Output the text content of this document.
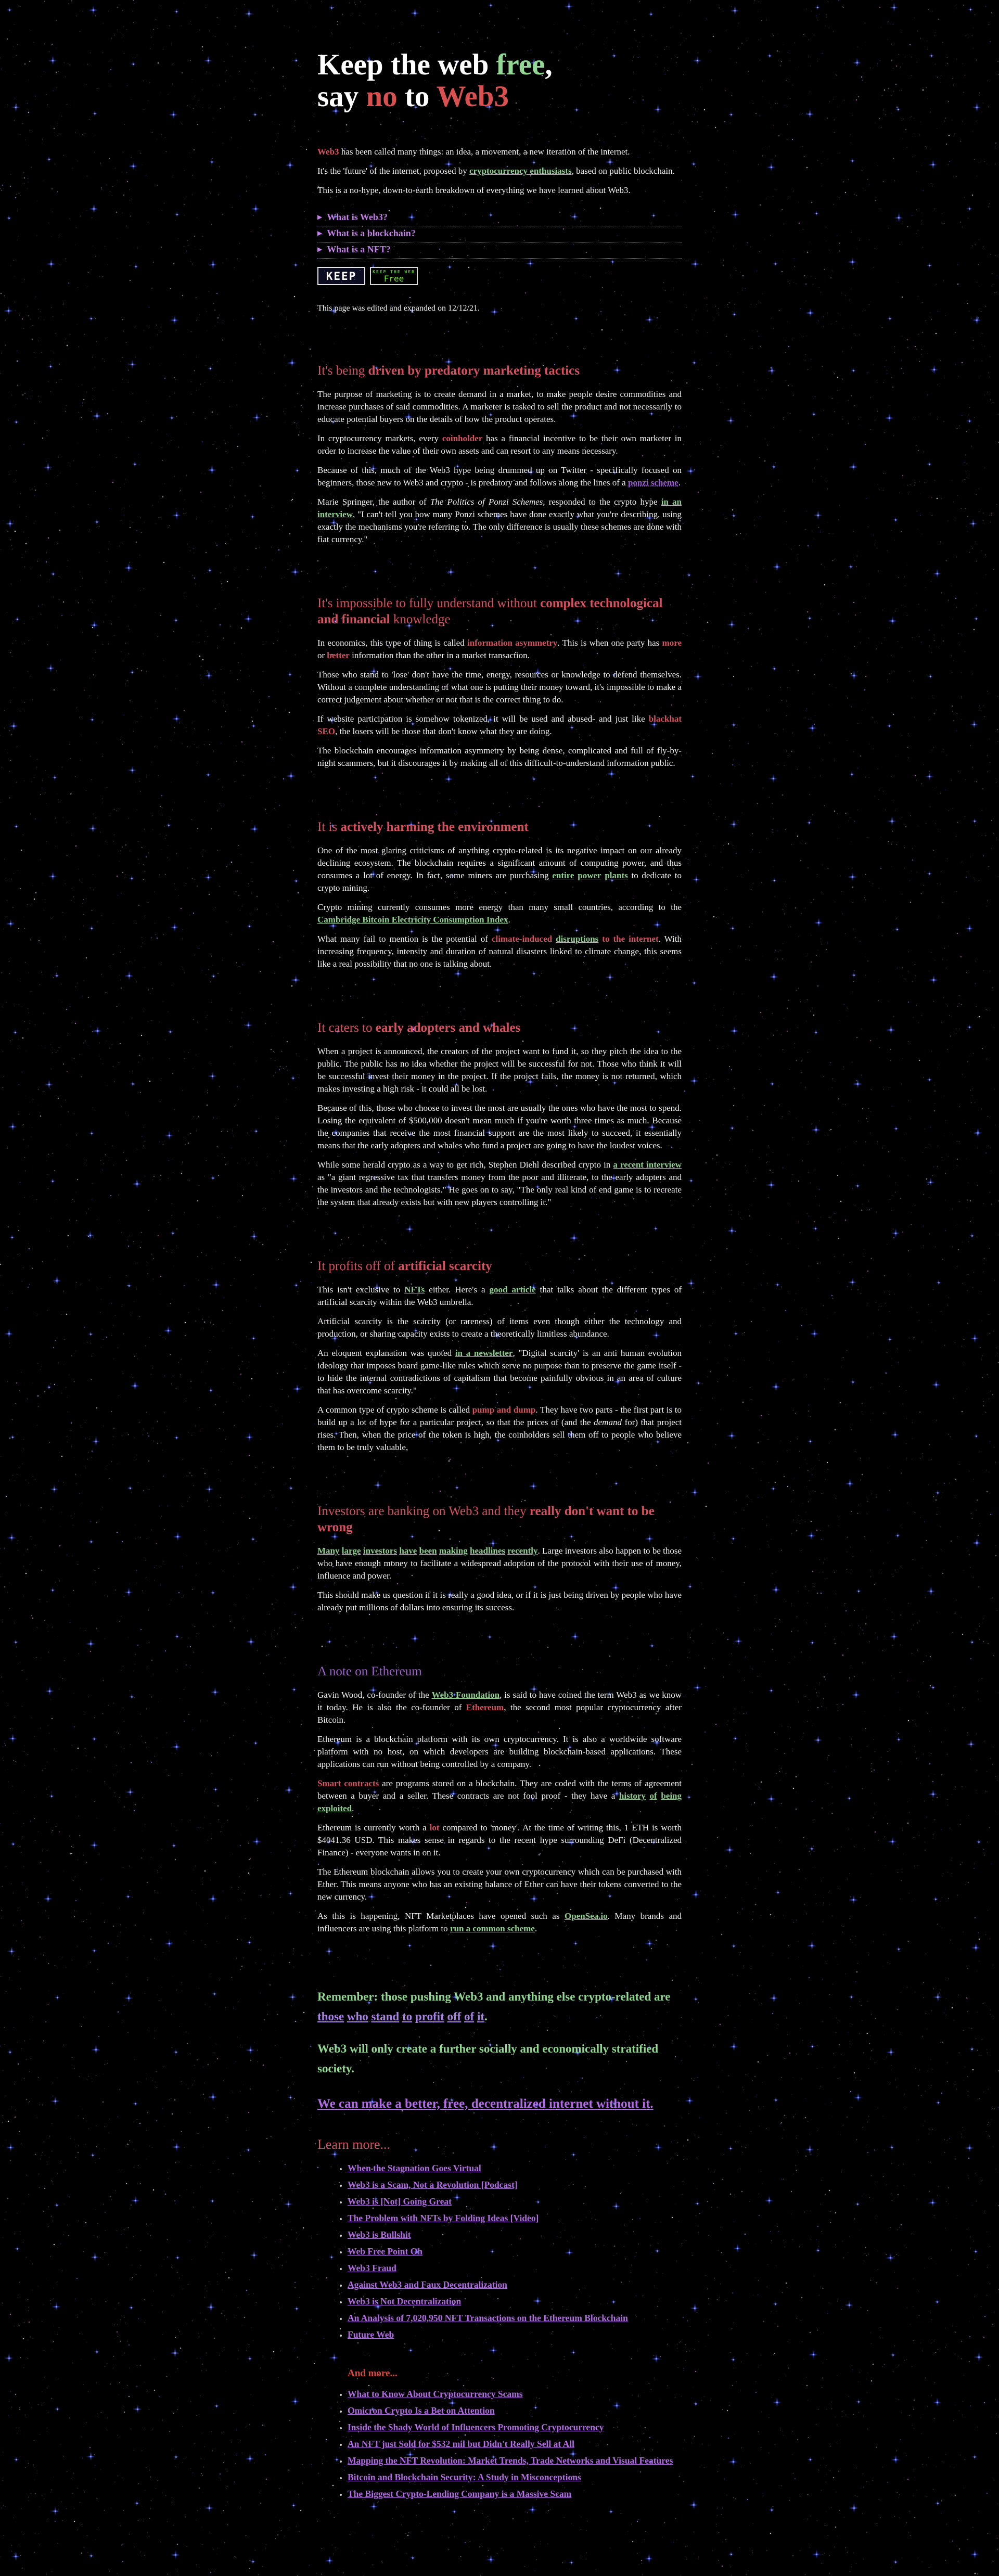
Keep the web free,
say no to Web3

Web3 has been called many things: an idea, a movement, a new iteration of the internet.

It's the 'future' of the internet, proposed by cryptocurrency enthusiasts, based on public blockchain.

This is a no-hype, down-to-earth breakdown of everything we have learned about Web3.

▶ What is Web3?
▶ What is a blockchain?
▶ What is a NFT?
KEEP	KEEP THE WEB
Free

This page was edited and expanded on 12/12/21.

It's being driven by predatory marketing tactics

The purpose of marketing is to create demand in a market, to make people desire commodities and increase purchases of said commodities. A marketer is tasked to sell the product and not necessarily to educate potential buyers on the details of how the product operates.

In cryptocurrency markets, every coinholder has a financial incentive to be their own marketer in order to increase the value of their own assets and can resort to any means necessary.

Because of this, much of the Web3 hype being drummed up on Twitter - specifically focused on beginners, those new to Web3 and crypto - is predatory and follows along the lines of a ponzi scheme.

Marie Springer, the author of The Politics of Ponzi Schemes, responded to the crypto hype in an interview, "I can't tell you how many Ponzi schemes have done exactly what you're describing, using exactly the mechanisms you're referring to. The only difference is usually these schemes are done with fiat currency."

It's impossible to fully understand without complex technological and financial knowledge

In economics, this type of thing is called information asymmetry. This is when one party has more or better information than the other in a market transaction.

Those who stand to 'lose' don't have the time, energy, resources or knowledge to defend themselves. Without a complete understanding of what one is putting their money toward, it's impossible to make a correct judgement about whether or not that is the correct thing to do.

If website participation is somehow tokenized, it will be used and abused- and just like blackhat SEO, the losers will be those that don't know what they are doing.

The blockchain encourages information asymmetry by being dense, complicated and full of fly-by-night scammers, but it discourages it by making all of this difficult-to-understand information public.

It is actively harming the environment

One of the most glaring criticisms of anything crypto-related is its negative impact on our already declining ecosystem. The blockchain requires a significant amount of computing power, and thus consumes a lot of energy. In fact, some miners are purchasing entire power plants to dedicate to crypto mining.

Crypto mining currently consumes more energy than many small countries, according to the Cambridge Bitcoin Electricity Consumption Index.

What many fail to mention is the potential of climate-induced disruptions to the internet. With increasing frequency, intensity and duration of natural disasters linked to climate change, this seems like a real possibility that no one is talking about.

It caters to early adopters and whales

When a project is announced, the creators of the project want to fund it, so they pitch the idea to the public. The public has no idea whether the project will be successful for not. Those who think it will be successful invest their money in the project. If the project fails, the money is not returned, which makes investing a high risk - it could all be lost.

Because of this, those who choose to invest the most are usually the ones who have the most to spend. Losing the equivalent of $500,000 doesn't mean much if you're worth three times as much. Because the companies that receive the most financial support are the most likely to succeed, it essentially means that the early adopters and whales who fund a project are going to have the loudest voices.

While some herald crypto as a way to get rich, Stephen Diehl described crypto in a recent interview as "a giant regressive tax that transfers money from the poor and illiterate, to the early adopters and the investors and the technologists." He goes on to say, "The only real kind of end game is to recreate the system that already exists but with new players controlling it."

It profits off of artificial scarcity

This isn't exclusive to NFTs either. Here's a good article that talks about the different types of artificial scarcity within the Web3 umbrella.

Artificial scarcity is the scarcity (or rareness) of items even though either the technology and production, or sharing capacity exists to create a theoretically limitless abundance.

An eloquent explanation was quoted in a newsletter, "Digital scarcity' is an anti human evolution ideology that imposes board game-like rules which serve no purpose than to preserve the game itself - to hide the internal contradictions of capitalism that become painfully obvious in an area of culture that has overcome scarcity."

A common type of crypto scheme is called pump and dump. They have two parts - the first part is to build up a lot of hype for a particular project, so that the prices of (and the demand for) that project rises. Then, when the price of the token is high, the coinholders sell them off to people who believe them to be truly valuable,

Investors are banking on Web3 and they really don't want to be wrong

Many large investors have been making headlines recently. Large investors also happen to be those who have enough money to facilitate a widespread adoption of the protocol with their use of money, influence and power.

This should make us question if it is really a good idea, or if it is just being driven by people who have already put millions of dollars into ensuring its success.

A note on Ethereum

Gavin Wood, co-founder of the Web3 Foundation, is said to have coined the term Web3 as we know it today. He is also the co-founder of Ethereum, the second most popular cryptocurrency after Bitcoin.

Ethereum is a blockchain platform with its own cryptocurrency. It is also a worldwide software platform with no host, on which developers are building blockchain-based applications. These applications can run without being controlled by a company.

Smart contracts are programs stored on a blockchain. They are coded with the terms of agreement between a buyer and a seller. These contracts are not fool proof - they have a history of being exploited.

Ethereum is currently worth a lot compared to 'money'. At the time of writing this, 1 ETH is worth $4041.36 USD. This makes sense in regards to the recent hype surrounding DeFi (Decentralized Finance) - everyone wants in on it.

The Ethereum blockchain allows you to create your own cryptocurrency which can be purchased with Ether. This means anyone who has an existing balance of Ether can have their tokens converted to the new currency.

As this is happening, NFT Marketplaces have opened such as OpenSea.io. Many brands and influencers are using this platform to run a common scheme.

Remember: those pushing Web3 and anything else crypto-related are those who stand to profit off of it.

Web3 will only create a further socially and economically stratified society.

We can make a better, free, decentralized internet without it.

Learn more...
• When the Stagnation Goes Virtual
• Web3 is a Scam, Not a Revolution [Podcast]
• Web3 is [Not] Going Great
• The Problem with NFTs by Folding Ideas [Video]
• Web3 is Bullshit
• Web Free Point Oh
• Web3 Fraud
• Against Web3 and Faux Decentralization
• Web3 is Not Decentralization
• An Analysis of 7,020,950 NFT Transactions on the Ethereum Blockchain
• Future Web

And more...

• What to Know About Cryptocurrency Scams
• Omicron Crypto Is a Bet on Attention
• Inside the Shady World of Influencers Promoting Cryptocurrency
• An NFT just Sold for $532 mil but Didn't Really Sell at All
• Mapping the NFT Revolution: Market Trends, Trade Networks and Visual Features
• Bitcoin and Blockchain Security: A Study in Misconceptions
• The Biggest Crypto-Lending Company is a Massive Scam
